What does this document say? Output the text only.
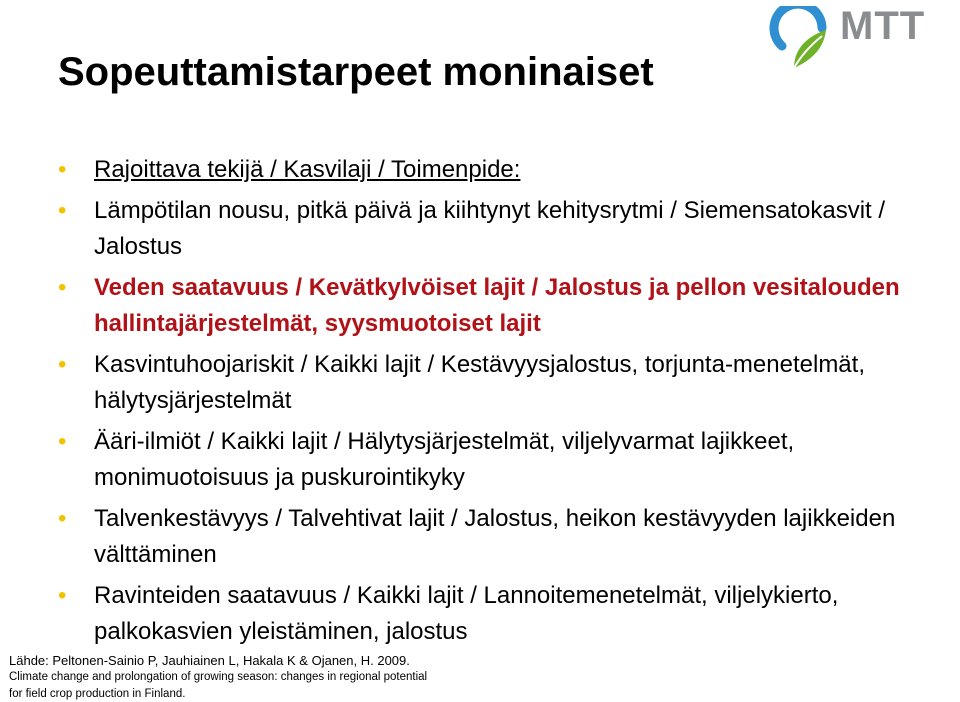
MTT
Sopeuttamistarpeet moninaiset
• Rajoittava tekijä / Kasvilaji / Toimenpide:
• Lämpötilan nousu, pitkä päivä ja kiihtynyt kehitysrytmi / Siemensatokasvit / Jalostus
• Veden saatavuus / Kevätkylvöiset lajit / Jalostus ja pellon vesitalouden hallintajärjestelmät, syysmuotoiset lajit
• Kasvintuhoojariskit / Kaikki lajit / Kestävyysjalostus, torjunta-menetelmät, hälytysjärjestelmät
• Ääri-ilmiöt / Kaikki lajit / Hälytysjärjestelmät, viljelyvarmat lajikkeet, monimuotoisuus ja puskurointikyky
• Talvenkestävyys / Talvehtivat lajit / Jalostus, heikon kestävyyden lajikkeiden välttäminen
• Ravinteiden saatavuus / Kaikki lajit / Lannoitemenetelmät, viljelykierto, palkokasvien yleistäminen, jalostus
Lähde: Peltonen-Sainio P, Jauhiainen L, Hakala K & Ojanen, H. 2009.
Climate change and prolongation of growing season: changes in regional potential for field crop production in Finland.
